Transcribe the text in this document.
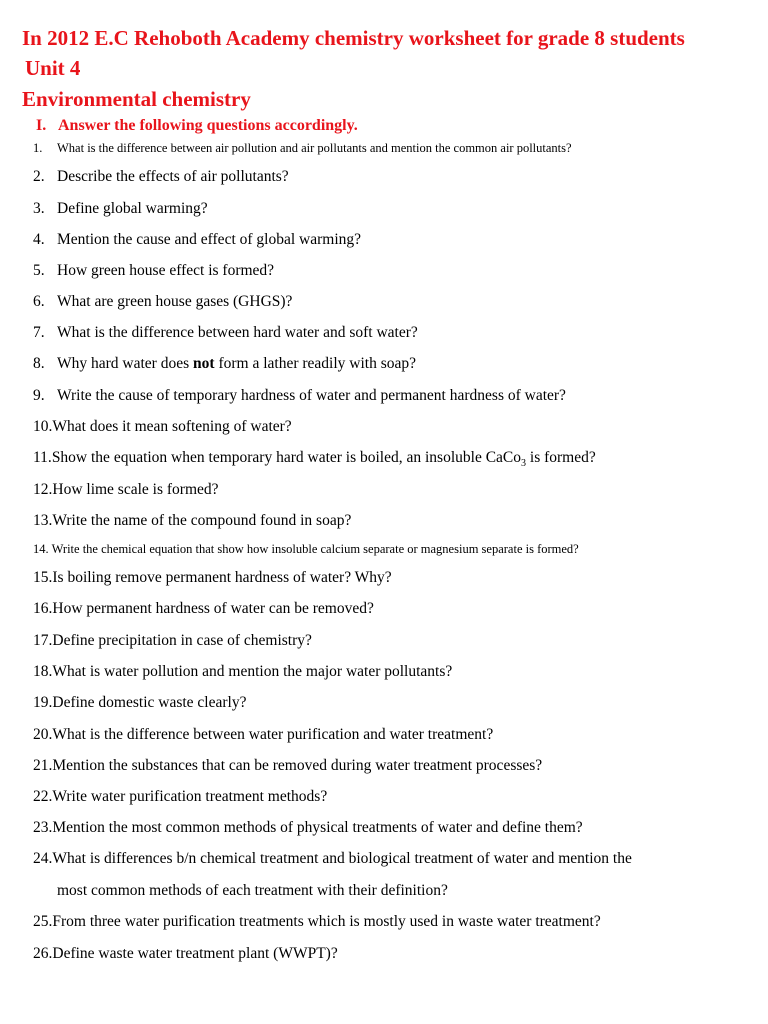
In 2012 E.C Rehoboth Academy chemistry worksheet for grade 8 students
Unit 4
Environmental chemistry
I. Answer the following questions accordingly.
1. What is the difference between air pollution and air pollutants and mention the common air pollutants?
2. Describe the effects of air pollutants?
3. Define global warming?
4. Mention the cause and effect of global warming?
5. How green house effect is formed?
6. What are green house gases (GHGS)?
7. What is the difference between hard water and soft water?
8. Why hard water does not form a lather readily with soap?
9. Write the cause of temporary hardness of water and permanent hardness of water?
10.What does it mean softening of water?
11.Show the equation when temporary hard water is boiled, an insoluble CaCo$_3$ is formed?
12.How lime scale is formed?
13.Write the name of the compound found in soap?
14. Write the chemical equation that show how insoluble calcium separate or magnesium separate is formed?
15.Is boiling remove permanent hardness of water? Why?
16.How permanent hardness of water can be removed?
17.Define precipitation in case of chemistry?
18.What is water pollution and mention the major water pollutants?
19.Define domestic waste clearly?
20.What is the difference between water purification and water treatment?
21.Mention the substances that can be removed during water treatment processes?
22.Write water purification treatment methods?
23.Mention the most common methods of physical treatments of water and define them?
24.What is differences b/n chemical treatment and biological treatment of water and mention the
most common methods of each treatment with their definition?
25.From three water purification treatments which is mostly used in waste water treatment?
26.Define waste water treatment plant (WWPT)?
